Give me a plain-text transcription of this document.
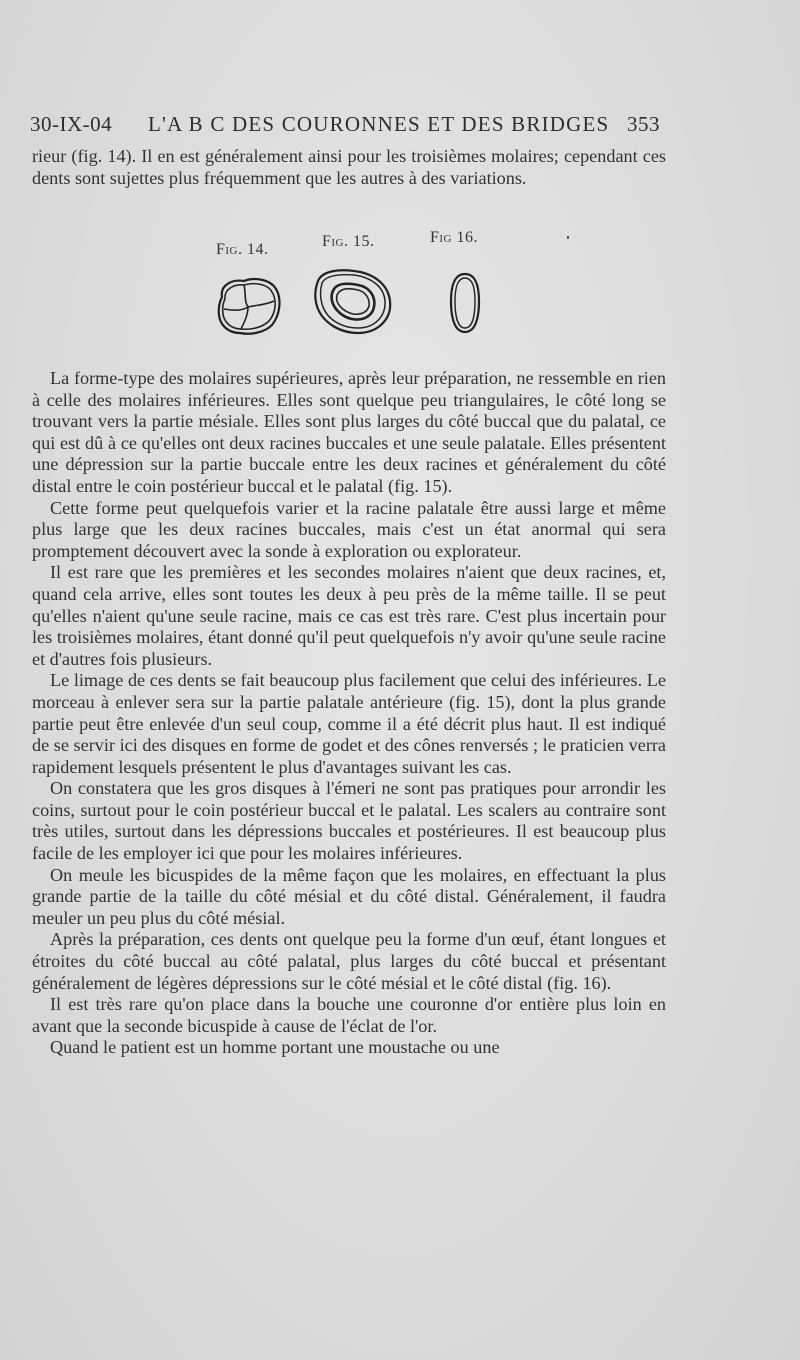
30-IX-04 L'A B C DES COURONNES ET DES BRIDGES 353

rieur (fig. 14). Il en est généralement ainsi pour les troisièmes molaires; cependant ces dents sont sujettes plus fréquemment que les autres à des variations.

Fig. 14.	Fig. 15.	Fig 16.

La forme-type des molaires supérieures, après leur préparation, ne ressemble en rien à celle des molaires inférieures. Elles sont quelque peu triangulaires, le côté long se trouvant vers la partie mésiale. Elles sont plus larges du côté buccal que du palatal, ce qui est dû à ce qu'elles ont deux racines buccales et une seule palatale. Elles présentent une dépression sur la partie buccale entre les deux racines et généralement du côté distal entre le coin postérieur buccal et le palatal (fig. 15).

Cette forme peut quelquefois varier et la racine palatale être aussi large et même plus large que les deux racines buccales, mais c'est un état anormal qui sera promptement découvert avec la sonde à exploration ou explorateur.

Il est rare que les premières et les secondes molaires n'aient que deux racines, et, quand cela arrive, elles sont toutes les deux à peu près de la même taille. Il se peut qu'elles n'aient qu'une seule racine, mais ce cas est très rare. C'est plus incertain pour les troisièmes molaires, étant donné qu'il peut quelquefois n'y avoir qu'une seule racine et d'autres fois plusieurs.

Le limage de ces dents se fait beaucoup plus facilement que celui des inférieures. Le morceau à enlever sera sur la partie palatale antérieure (fig. 15), dont la plus grande partie peut être enlevée d'un seul coup, comme il a été décrit plus haut. Il est indiqué de se servir ici des disques en forme de godet et des cônes renversés ; le praticien verra rapidement lesquels présentent le plus d'avantages suivant les cas.

On constatera que les gros disques à l'émeri ne sont pas pratiques pour arrondir les coins, surtout pour le coin postérieur buccal et le palatal. Les scalers au contraire sont très utiles, surtout dans les dépressions buccales et postérieures. Il est beaucoup plus facile de les employer ici que pour les molaires inférieures.

On meule les bicuspides de la même façon que les molaires, en effectuant la plus grande partie de la taille du côté mésial et du côté distal. Généralement, il faudra meuler un peu plus du côté mésial.

Après la préparation, ces dents ont quelque peu la forme d'un œuf, étant longues et étroites du côté buccal au côté palatal, plus larges du côté buccal et présentant généralement de légères dépressions sur le côté mésial et le côté distal (fig. 16).

Il est très rare qu'on place dans la bouche une couronne d'or entière plus loin en avant que la seconde bicuspide à cause de l'éclat de l'or.

Quand le patient est un homme portant une moustache ou une
